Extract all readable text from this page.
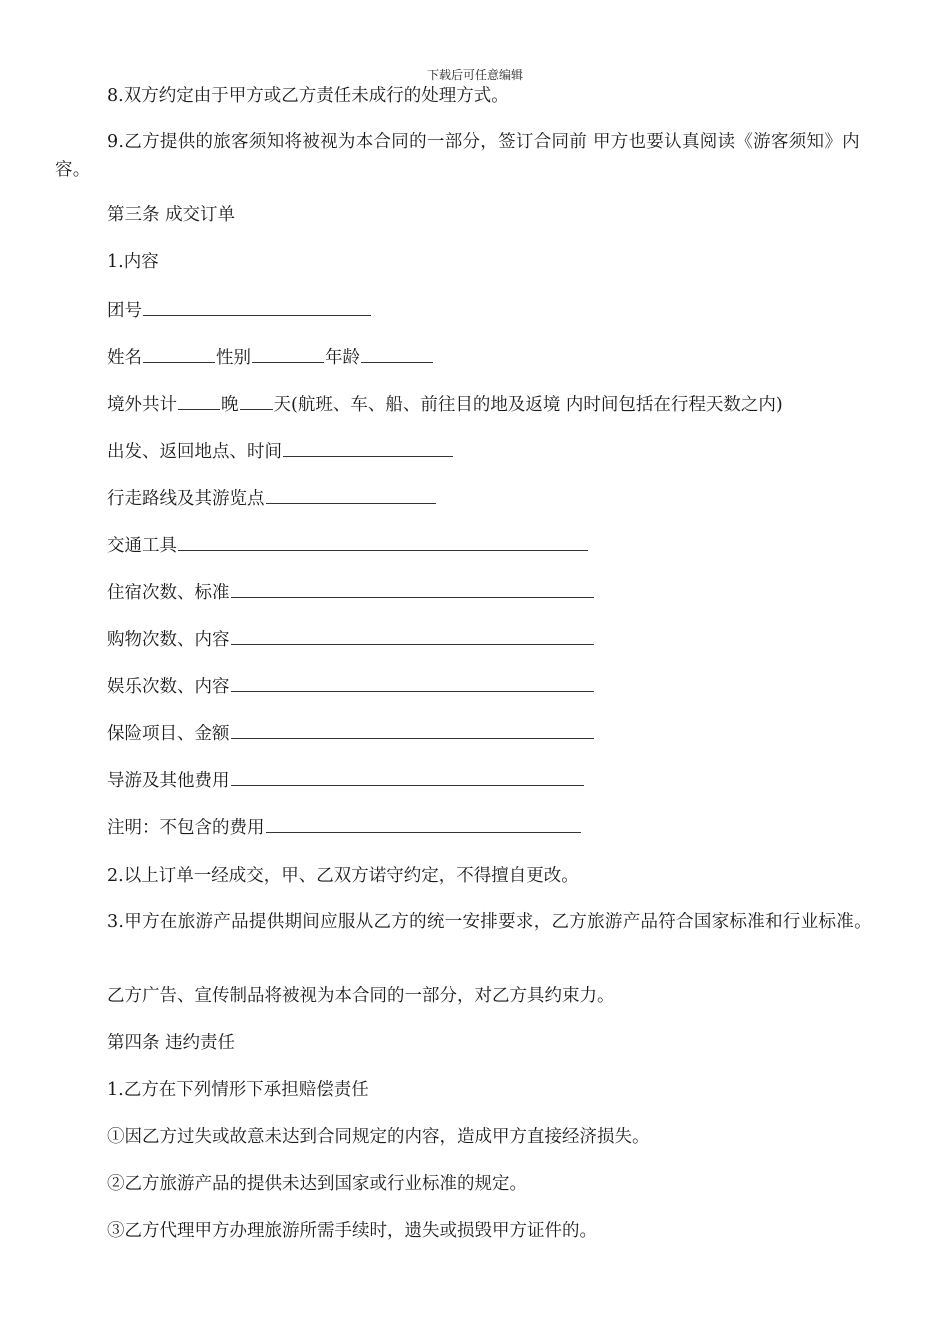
下载后可任意编辑
8.双方约定由于甲方或乙方责任未成行的处理方式。
9.乙方提供的旅客须知将被视为本合同的一部分，签订合同前 甲方也要认真阅读《游客须知》内容。
第三条 成交订单
1.内容
团号
姓名	性别	年龄
境外共计	晚 天(航班、车、船、前往目的地及返境 内时间包括在行程天数之内)
出发、返回地点、时间
行走路线及其游览点
交通工具
住宿次数、标准
购物次数、内容
娱乐次数、内容
保险项目、金额
导游及其他费用
注明：不包含的费用
2.以上订单一经成交，甲、乙双方诺守约定，不得擅自更改。
3.甲方在旅游产品提供期间应服从乙方的统一安排要求，乙方旅游产品符合国家标准和行业标准。
乙方广告、宣传制品将被视为本合同的一部分，对乙方具约束力。
第四条 违约责任
1.乙方在下列情形下承担赔偿责任
①因乙方过失或故意未达到合同规定的内容，造成甲方直接经济损失。
②乙方旅游产品的提供未达到国家或行业标准的规定。
③乙方代理甲方办理旅游所需手续时，遗失或损毁甲方证件的。
